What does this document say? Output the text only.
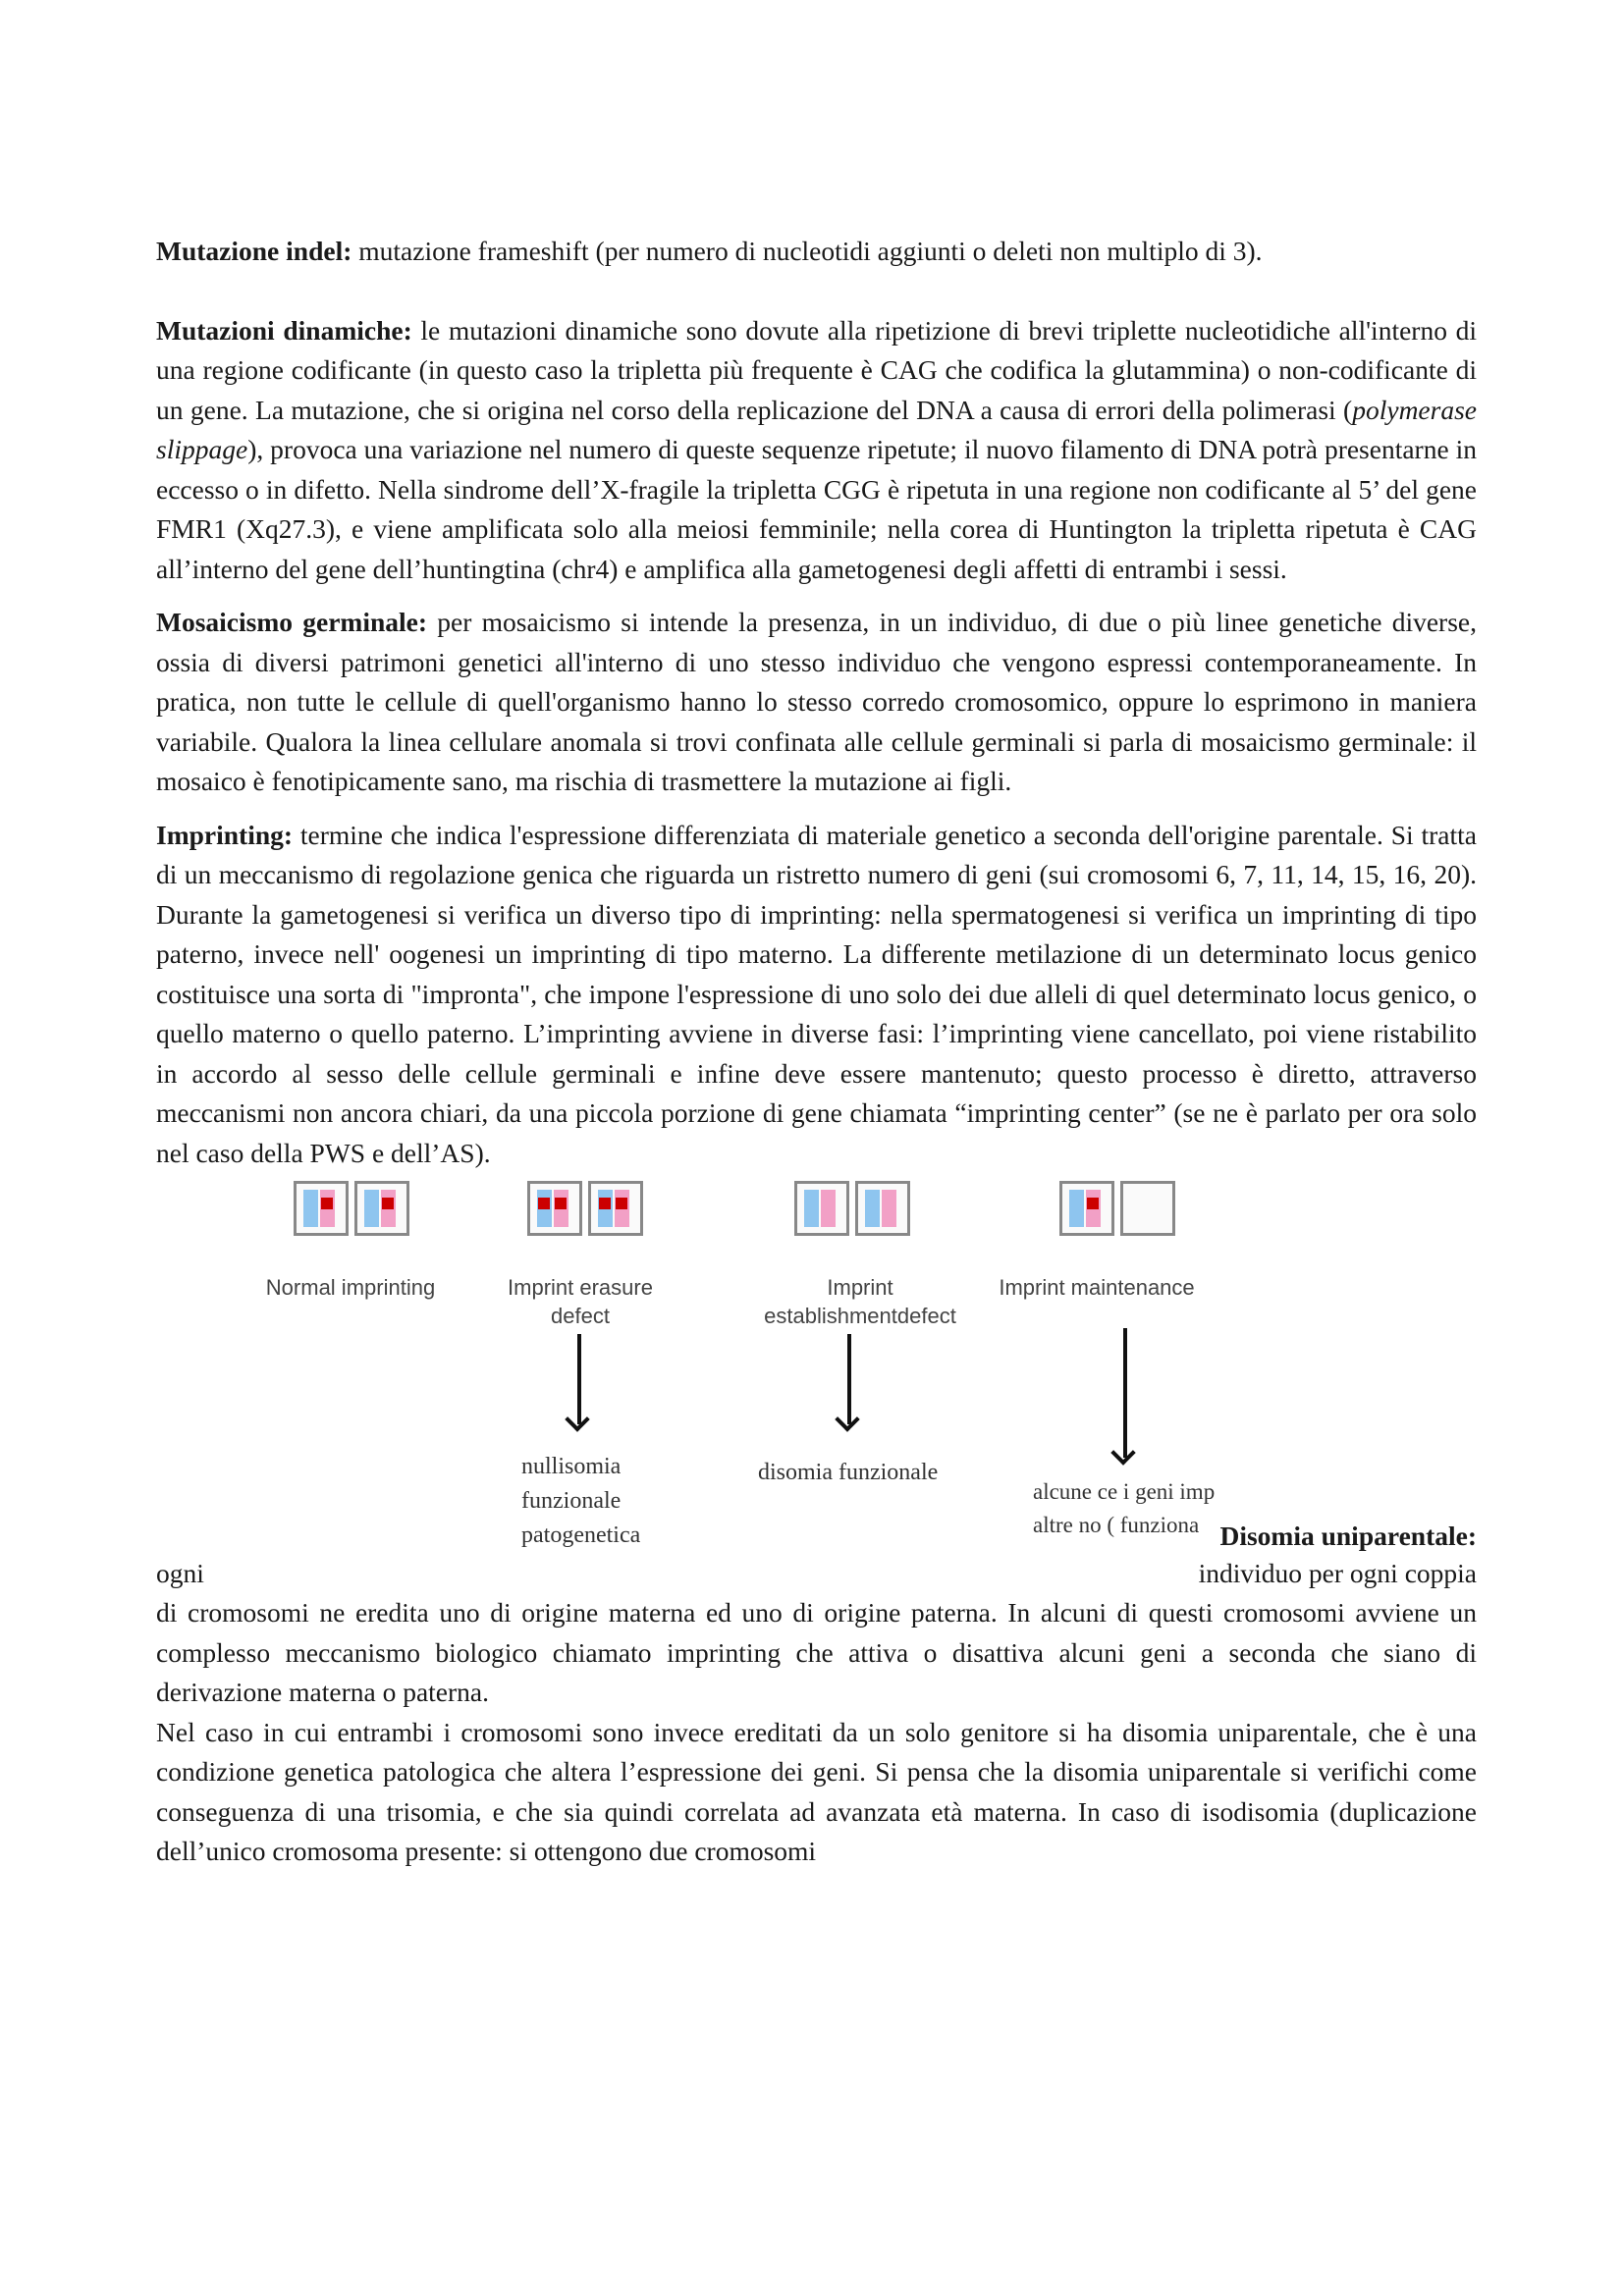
Mutazione indel: mutazione frameshift (per numero di nucleotidi aggiunti o deleti non multiplo di 3).

Mutazioni dinamiche: le mutazioni dinamiche sono dovute alla ripetizione di brevi triplette nucleotidiche all'interno di una regione codificante (in questo caso la tripletta più frequente è CAG che codifica la glutammina) o non-codificante di un gene. La mutazione, che si origina nel corso della replicazione del DNA a causa di errori della polimerasi (polymerase slippage), provoca una variazione nel numero di queste sequenze ripetute; il nuovo filamento di DNA potrà presentarne in eccesso o in difetto. Nella sindrome dell’X-fragile la tripletta CGG è ripetuta in una regione non codificante al 5’ del gene FMR1 (Xq27.3), e viene amplificata solo alla meiosi femminile; nella corea di Huntington la tripletta ripetuta è CAG all’interno del gene dell’huntingtina (chr4) e amplifica alla gametogenesi degli affetti di entrambi i sessi.

Mosaicismo germinale: per mosaicismo si intende la presenza, in un individuo, di due o più linee genetiche diverse, ossia di diversi patrimoni genetici all'interno di uno stesso individuo che vengono espressi contemporaneamente. In pratica, non tutte le cellule di quell'organismo hanno lo stesso corredo cromosomico, oppure lo esprimono in maniera variabile. Qualora la linea cellulare anomala si trovi confinata alle cellule germinali si parla di mosaicismo germinale: il mosaico è fenotipicamente sano, ma rischia di trasmettere la mutazione ai figli.

Imprinting: termine che indica l'espressione differenziata di materiale genetico a seconda dell'origine parentale. Si tratta di un meccanismo di regolazione genica che riguarda un ristretto numero di geni (sui cromosomi 6, 7, 11, 14, 15, 16, 20). Durante la gametogenesi si verifica un diverso tipo di imprinting: nella spermatogenesi si verifica un imprinting di tipo paterno, invece nell' oogenesi un imprinting di tipo materno. La differente metilazione di un determinato locus genico costituisce una sorta di "impronta", che impone l'espressione di uno solo dei due alleli di quel determinato locus genico, o quello materno o quello paterno. L’imprinting avviene in diverse fasi: l’imprinting viene cancellato, poi viene ristabilito in accordo al sesso delle cellule germinali e infine deve essere mantenuto; questo processo è diretto, attraverso meccanismi non ancora chiari, da una piccola porzione di gene chiamata “imprinting center” (se ne è parlato per ora solo nel caso della PWS e dell’AS).

Normal imprinting	Imprint erasure defect
nullisomia funzionale patogenetica
Imprint establishmentdefect
disomia funzionale
Imprint maintenance
alcune ce i geni imp altre no ( funziona Disomia uniparentale:
individuo per ogni coppia
ogni

di cromosomi ne eredita uno di origine materna ed uno di origine paterna. In alcuni di questi cromosomi avviene un complesso meccanismo biologico chiamato imprinting che attiva o disattiva alcuni geni a seconda che siano di derivazione materna o paterna.

Nel caso in cui entrambi i cromosomi sono invece ereditati da un solo genitore si ha disomia uniparentale, che è una condizione genetica patologica che altera l’espressione dei geni. Si pensa che la disomia uniparentale si verifichi come conseguenza di una trisomia, e che sia quindi correlata ad avanzata età materna. In caso di isodisomia (duplicazione dell’unico cromosoma presente: si ottengono due cromosomi
